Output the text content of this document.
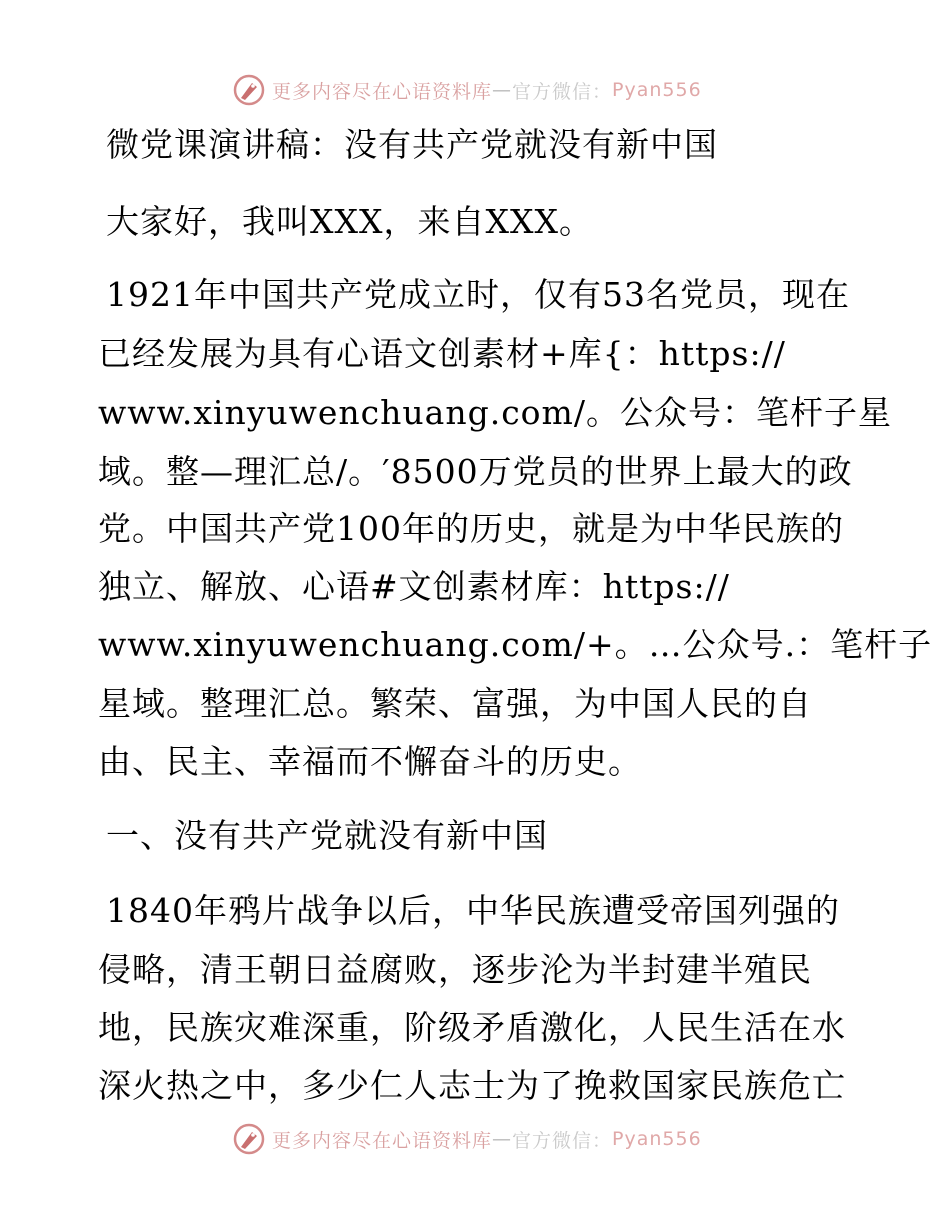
更多内容尽在心语资料库 — 官方微信： Pyan556
微党课演讲稿：没有共产党就没有新中国
大家好，我叫XXX，来自XXX。
1921年中国共产党成立时，仅有53名党员，现在
已经发展为具有心语文创素材+库{：https://
www.xinyuwenchuang.com/。公众号：笔杆子星
域。整—理汇总/。′8500万党员的世界上最大的政
党。中国共产党100年的历史，就是为中华民族的
独立、解放、心语#文创素材库：https://
www.xinyuwenchuang.com/+。…公众号.：笔杆子
星域。整理汇总。繁荣、富强，为中国人民的自
由、民主、幸福而不懈奋斗的历史。
一、没有共产党就没有新中国
1840年鸦片战争以后，中华民族遭受帝国列强的
侵略，清王朝日益腐败，逐步沦为半封建半殖民
地，民族灾难深重，阶级矛盾激化，人民生活在水
深火热之中，多少仁人志士为了挽救国家民族危亡
更多内容尽在心语资料库 — 官方微信： Pyan556
